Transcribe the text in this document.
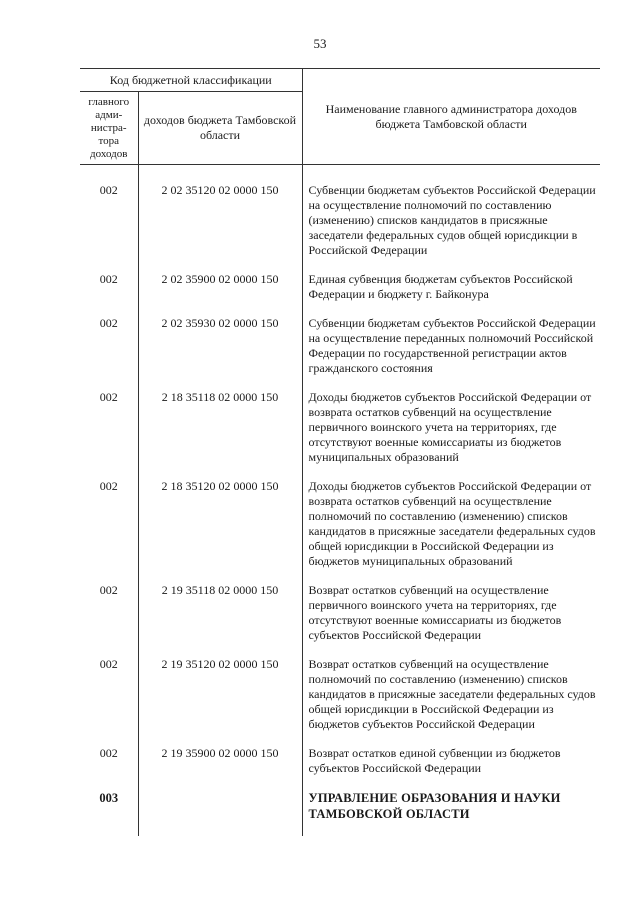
53
Код бюджетной классификации		Наименование главного администратора доходов бюджета Тамбовской области
главного адми-нистра-тора доходов	доходов бюджета Тамбовской области	

002	2 02 35120 02 0000 150	Субвенции бюджетам субъектов Российской Федерации на осуществление полномочий по составлению (изменению) списков кандидатов в присяжные заседатели федеральных судов общей юрисдикции в Российской Федерации
002	2 02 35900 02 0000 150	Единая субвенция бюджетам субъектов Российской Федерации и бюджету г. Байконура
002	2 02 35930 02 0000 150	Субвенции бюджетам субъектов Российской Федерации на осуществление переданных полномочий Российской Федерации по государственной регистрации актов гражданского состояния
002	2 18 35118 02 0000 150	Доходы бюджетов субъектов Российской Федерации от возврата остатков субвенций на осуществление первичного воинского учета на территориях, где отсутствуют военные комиссариаты из бюджетов муниципальных образований
002	2 18 35120 02 0000 150	Доходы бюджетов субъектов Российской Федерации от возврата остатков субвенций на осуществление полномочий по составлению (изменению) списков кандидатов в присяжные заседатели федеральных судов общей юрисдикции в Российской Федерации из бюджетов муниципальных образований
002	2 19 35118 02 0000 150	Возврат остатков субвенций на осуществление первичного воинского учета на территориях, где отсутствуют военные комиссариаты из бюджетов субъектов Российской Федерации
002	2 19 35120 02 0000 150	Возврат остатков субвенций на осуществление полномочий по составлению (изменению) списков кандидатов в присяжные заседатели федеральных судов общей юрисдикции в Российской Федерации из бюджетов субъектов Российской Федерации
002	2 19 35900 02 0000 150	Возврат остатков единой субвенции из бюджетов субъектов Российской Федерации
003		УПРАВЛЕНИЕ ОБРАЗОВАНИЯ И НАУКИ ТАМБОВСКОЙ ОБЛАСТИ
